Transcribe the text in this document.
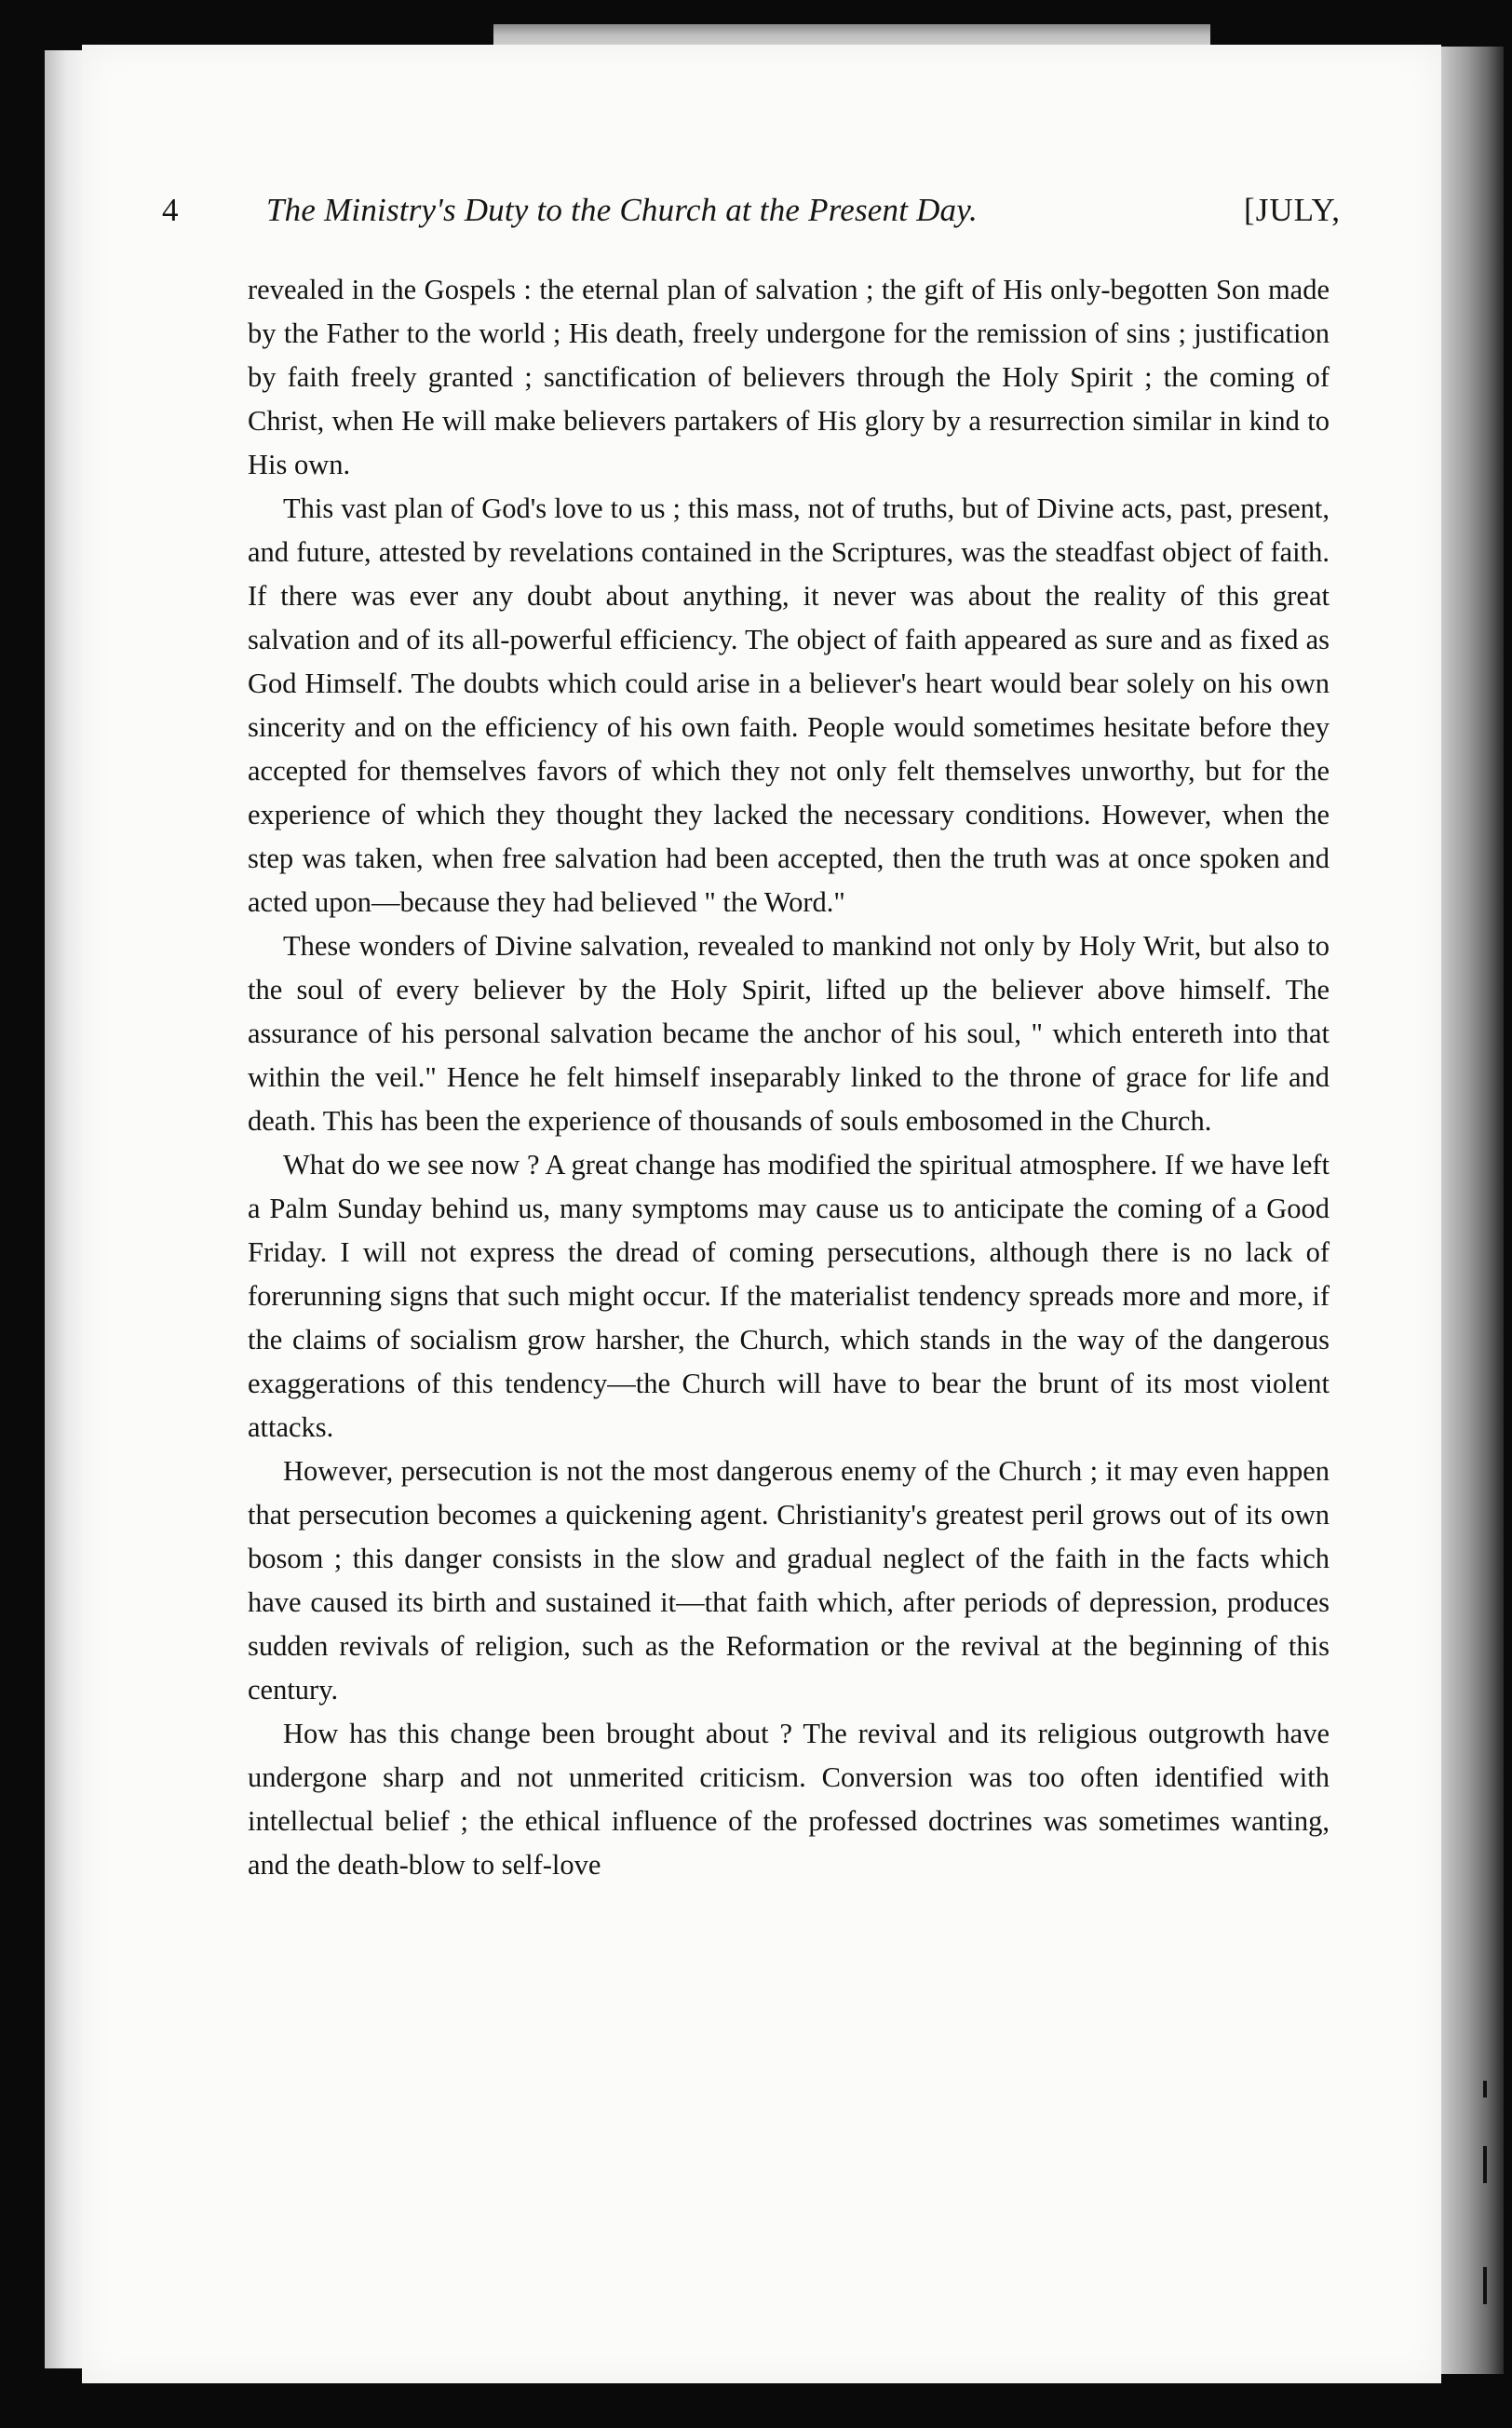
4	The Ministry's Duty to the Church at the Present Day.	[JULY,

revealed in the Gospels : the eternal plan of salvation ; the gift of His only-begotten Son made by the Father to the world ; His death, freely undergone for the remission of sins ; justification by faith freely granted ; sanctification of believers through the Holy Spirit ; the coming of Christ, when He will make believers partakers of His glory by a resurrection similar in kind to His own.

This vast plan of God's love to us ; this mass, not of truths, but of Divine acts, past, present, and future, attested by revelations contained in the Scriptures, was the steadfast object of faith. If there was ever any doubt about anything, it never was about the reality of this great salvation and of its all-powerful efficiency. The object of faith appeared as sure and as fixed as God Himself. The doubts which could arise in a believer's heart would bear solely on his own sincerity and on the efficiency of his own faith. People would sometimes hesitate before they accepted for themselves favors of which they not only felt themselves unworthy, but for the experience of which they thought they lacked the necessary conditions. However, when the step was taken, when free salvation had been accepted, then the truth was at once spoken and acted upon—because they had believed " the Word."

These wonders of Divine salvation, revealed to mankind not only by Holy Writ, but also to the soul of every believer by the Holy Spirit, lifted up the believer above himself. The assurance of his personal salvation became the anchor of his soul, " which entereth into that within the veil." Hence he felt himself inseparably linked to the throne of grace for life and death. This has been the experience of thousands of souls embosomed in the Church.

What do we see now ? A great change has modified the spiritual atmosphere. If we have left a Palm Sunday behind us, many symptoms may cause us to anticipate the coming of a Good Friday. I will not express the dread of coming persecutions, although there is no lack of forerunning signs that such might occur. If the materialist tendency spreads more and more, if the claims of socialism grow harsher, the Church, which stands in the way of the dangerous exaggerations of this tendency—the Church will have to bear the brunt of its most violent attacks.

However, persecution is not the most dangerous enemy of the Church ; it may even happen that persecution becomes a quickening agent. Christianity's greatest peril grows out of its own bosom ; this danger consists in the slow and gradual neglect of the faith in the facts which have caused its birth and sustained it—that faith which, after periods of depression, produces sudden revivals of religion, such as the Reformation or the revival at the beginning of this century.

How has this change been brought about ? The revival and its religious outgrowth have undergone sharp and not unmerited criticism. Conversion was too often identified with intellectual belief ; the ethical influence of the professed doctrines was sometimes wanting, and the death-blow to self-love
